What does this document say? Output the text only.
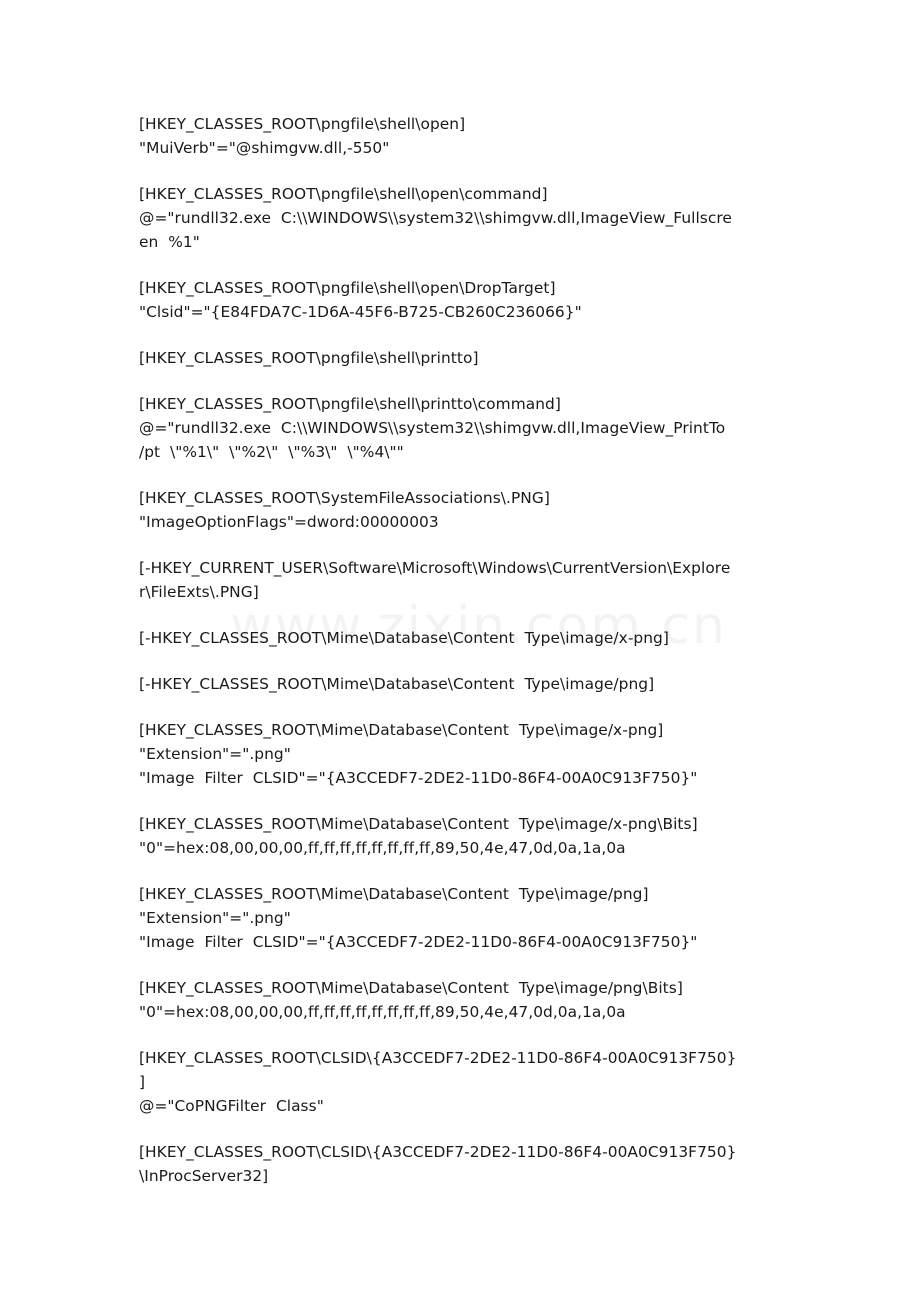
[HKEY_CLASSES_ROOT\pngfile\shell\open]
"MuiVerb"="@shimgvw.dll,-550"
[HKEY_CLASSES_ROOT\pngfile\shell\open\command]
@="rundll32.exe  C:\\WINDOWS\\system32\\shimgvw.dll,ImageView_Fullscre
en  %1"
[HKEY_CLASSES_ROOT\pngfile\shell\open\DropTarget]
"Clsid"="{E84FDA7C-1D6A-45F6-B725-CB260C236066}"
[HKEY_CLASSES_ROOT\pngfile\shell\printto]
[HKEY_CLASSES_ROOT\pngfile\shell\printto\command]
@="rundll32.exe  C:\\WINDOWS\\system32\\shimgvw.dll,ImageView_PrintTo
/pt  \"%1\"  \"%2\"  \"%3\"  \"%4\""
[HKEY_CLASSES_ROOT\SystemFileAssociations\.PNG]
"ImageOptionFlags"=dword:00000003
[-HKEY_CURRENT_USER\Software\Microsoft\Windows\CurrentVersion\Explore
r\FileExts\.PNG]
[-HKEY_CLASSES_ROOT\Mime\Database\Content  Type\image/x-png]
[-HKEY_CLASSES_ROOT\Mime\Database\Content  Type\image/png]
[HKEY_CLASSES_ROOT\Mime\Database\Content  Type\image/x-png]
"Extension"=".png"
"Image  Filter  CLSID"="{A3CCEDF7-2DE2-11D0-86F4-00A0C913F750}"
[HKEY_CLASSES_ROOT\Mime\Database\Content  Type\image/x-png\Bits]
"0"=hex:08,00,00,00,ff,ff,ff,ff,ff,ff,ff,ff,89,50,4e,47,0d,0a,1a,0a
[HKEY_CLASSES_ROOT\Mime\Database\Content  Type\image/png]
"Extension"=".png"
"Image  Filter  CLSID"="{A3CCEDF7-2DE2-11D0-86F4-00A0C913F750}"
[HKEY_CLASSES_ROOT\Mime\Database\Content  Type\image/png\Bits]
"0"=hex:08,00,00,00,ff,ff,ff,ff,ff,ff,ff,ff,89,50,4e,47,0d,0a,1a,0a
[HKEY_CLASSES_ROOT\CLSID\{A3CCEDF7-2DE2-11D0-86F4-00A0C913F750}
]
@="CoPNGFilter  Class"
[HKEY_CLASSES_ROOT\CLSID\{A3CCEDF7-2DE2-11D0-86F4-00A0C913F750}
\InProcServer32]
